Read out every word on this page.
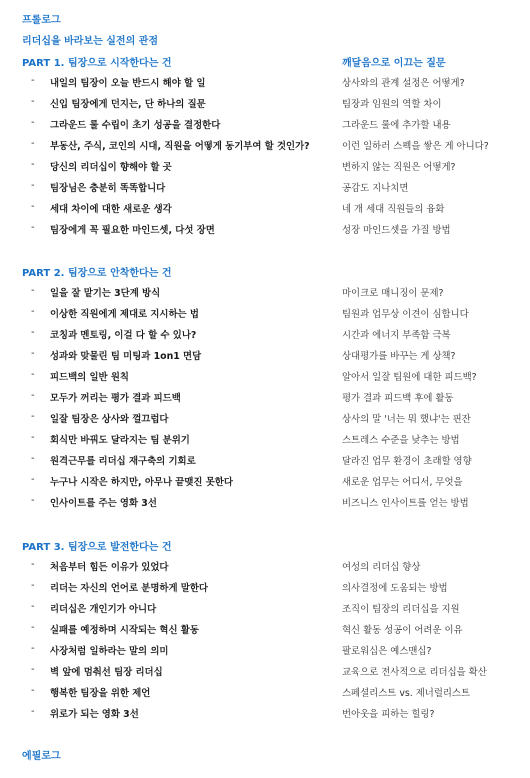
프롤로그
리더십을 바라보는 실전의 관점
PART 1. 팀장으로 시작한다는 건	깨달음으로 이끄는 질문
- 내일의 팀장이 오늘 반드시 해야 할 일	상사와의 관계 설정은 어떻게?
- 신입 팀장에게 던지는, 단 하나의 질문	팀장과 임원의 역할 차이
- 그라운드 룰 수립이 초기 성공을 결정한다	그라운드 룰에 추가할 내용
- 부동산, 주식, 코인의 시대, 직원을 어떻게 동기부여 할 것인가?	이런 일하러 스펙을 쌓은 게 아니다?
- 당신의 리더십이 향해야 할 곳	변하지 않는 직원은 어떻게?
- 팀장님은 충분히 똑똑합니다	공감도 지나치면
- 세대 차이에 대한 새로운 생각	네 개 세대 직원들의 융화
- 팀장에게 꼭 필요한 마인드셋, 다섯 장면	성장 마인드셋을 가질 방법
PART 2. 팀장으로 안착한다는 건
- 일을 잘 맡기는 3단계 방식	마이크로 매니징이 문제?
- 이상한 직원에게 제대로 지시하는 법	팀원과 업무상 이견이 심합니다
- 코칭과 멘토링, 이걸 다 할 수 있나?	시간과 에너지 부족함 극복
- 성과와 맞물린 팀 미팅과 1on1 면담	상대평가를 바꾸는 게 상책?
- 피드백의 일반 원칙	알아서 일잘 팀원에 대한 피드백?
- 모두가 꺼리는 평가 결과 피드백	평가 결과 피드백 후에 활동
- 일잘 팀장은 상사와 껄끄럽다	상사의 말 '너는 뭐 했냐'는 핀잔
- 회식만 바꿔도 달라지는 팀 분위기	스트레스 수준을 낮추는 방법
- 원격근무를 리더십 재구축의 기회로	달라진 업무 환경이 초래할 영향
- 누구나 시작은 하지만, 아무나 끝맺진 못한다	새로운 업무는 어디서, 무엇을
- 인사이트를 주는 영화 3선	비즈니스 인사이트를 얻는 방법
PART 3. 팀장으로 발전한다는 건
- 처음부터 힘든 이유가 있었다	여성의 리더십 향상
- 리더는 자신의 언어로 분명하게 말한다	의사결정에 도움되는 방법
- 리더십은 개인기가 아니다	조직이 팀장의 리더십을 지원
- 실패를 예정하며 시작되는 혁신 활동	혁신 활동 성공이 어려운 이유
- 사장처럼 일하라는 말의 의미	팔로워십은 예스맨십?
- 벽 앞에 멈춰선 팀장 리더십	교육으로 전사적으로 리더십을 확산
- 행복한 팀장을 위한 제언	스페셜리스트 vs. 제너럴리스트
- 위로가 되는 영화 3선	번아웃을 피하는 힐링?
에필로그
